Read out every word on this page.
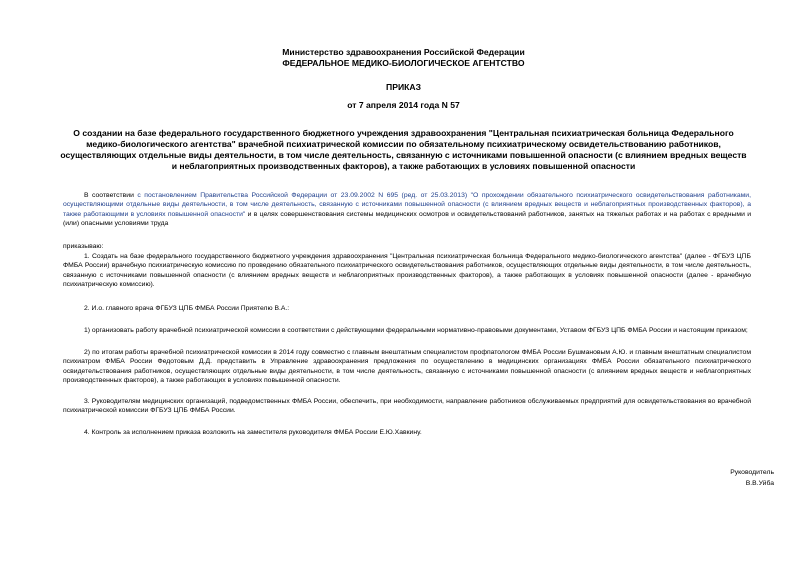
Министерство здравоохранения Российской Федерации
ФЕДЕРАЛЬНОЕ МЕДИКО-БИОЛОГИЧЕСКОЕ АГЕНТСТВО
ПРИКАЗ
от 7 апреля 2014 года N 57
О создании на базе федерального государственного бюджетного учреждения здравоохранения "Центральная психиатрическая больница Федерального медико-биологического агентства" врачебной психиатрической комиссии по обязательному психиатрическому освидетельствованию работников, осуществляющих отдельные виды деятельности, в том числе деятельность, связанную с источниками повышенной опасности (с влиянием вредных веществ и неблагоприятных производственных факторов), а также работающих в условиях повышенной опасности
В соответствии с постановлением Правительства Российской Федерации от 23.09.2002 N 695 (ред. от 25.03.2013) "О прохождении обязательного психиатрического освидетельствования работниками, осуществляющими отдельные виды деятельности, в том числе деятельность, связанную с источниками повышенной опасности (с влиянием вредных веществ и неблагоприятных производственных факторов), а также работающими в условиях повышенной опасности" и в целях совершенствования системы медицинских осмотров и освидетельствований работников, занятых на тяжелых работах и на работах с вредными и (или) опасными условиями труда
приказываю:
1. Создать на базе федерального государственного бюджетного учреждения здравоохранения "Центральная психиатрическая больница Федерального медико-биологического агентства" (далее - ФГБУЗ ЦПБ ФМБА России) врачебную психиатрическую комиссию по проведению обязательного психиатрического освидетельствования работников, осуществляющих отдельные виды деятельности, в том числе деятельность, связанную с источниками повышенной опасности (с влиянием вредных веществ и неблагоприятных производственных факторов), а также работающих в условиях повышенной опасности (далее - врачебную психиатрическую комиссию).
2. И.о. главного врача ФГБУЗ ЦПБ ФМБА России Приятелю В.А.:
1) организовать работу врачебной психиатрической комиссии в соответствии с действующими федеральными нормативно-правовыми документами, Уставом ФГБУЗ ЦПБ ФМБА России и настоящим приказом;
2) по итогам работы врачебной психиатрической комиссии в 2014 году совместно с главным внештатным специалистом профпатологом ФМБА России Бушмановым А.Ю. и главным внештатным специалистом психиатром ФМБА России Федотовым Д.Д. представить в Управление здравоохранения предложения по осуществлению в медицинских организациях ФМБА России обязательного психиатрического освидетельствования работников, осуществляющих отдельные виды деятельности, в том числе деятельность, связанную с источниками повышенной опасности (с влиянием вредных веществ и неблагоприятных производственных факторов), а также работающих в условиях повышенной опасности.
3. Руководителям медицинских организаций, подведомственных ФМБА России, обеспечить, при необходимости, направление работников обслуживаемых предприятий для освидетельствования во врачебной психиатрической комиссии ФГБУЗ ЦПБ ФМБА России.
4. Контроль за исполнением приказа возложить на заместителя руководителя ФМБА России Е.Ю.Хавкину.
Руководитель
В.В.Уйба
